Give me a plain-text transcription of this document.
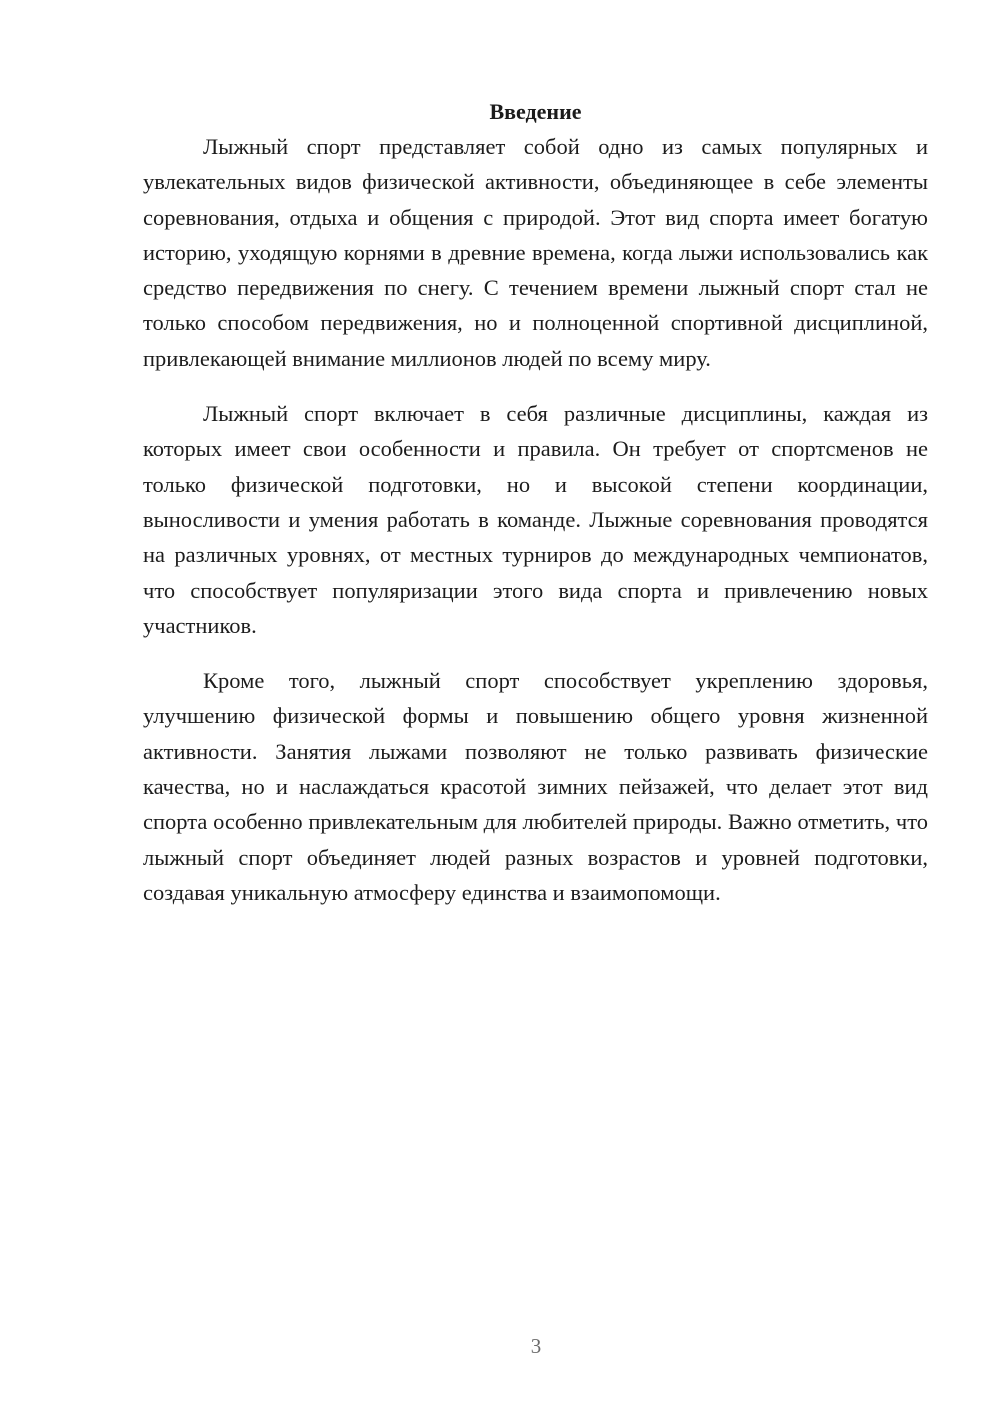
Введение

Лыжный спорт представляет собой одно из самых популярных и увлекательных видов физической активности, объединяющее в себе элементы соревнования, отдыха и общения с природой. Этот вид спорта имеет богатую историю, уходящую корнями в древние времена, когда лыжи использовались как средство передвижения по снегу. С течением времени лыжный спорт стал не только способом передвижения, но и полноценной спортивной дисциплиной, привлекающей внимание миллионов людей по всему миру.

Лыжный спорт включает в себя различные дисциплины, каждая из которых имеет свои особенности и правила. Он требует от спортсменов не только физической подготовки, но и высокой степени координации, выносливости и умения работать в команде. Лыжные соревнования проводятся на различных уровнях, от местных турниров до международных чемпионатов, что способствует популяризации этого вида спорта и привлечению новых участников.

Кроме того, лыжный спорт способствует укреплению здоровья, улучшению физической формы и повышению общего уровня жизненной активности. Занятия лыжами позволяют не только развивать физические качества, но и наслаждаться красотой зимних пейзажей, что делает этот вид спорта особенно привлекательным для любителей природы. Важно отметить, что лыжный спорт объединяет людей разных возрастов и уровней подготовки, создавая уникальную атмосферу единства и взаимопомощи.

3
